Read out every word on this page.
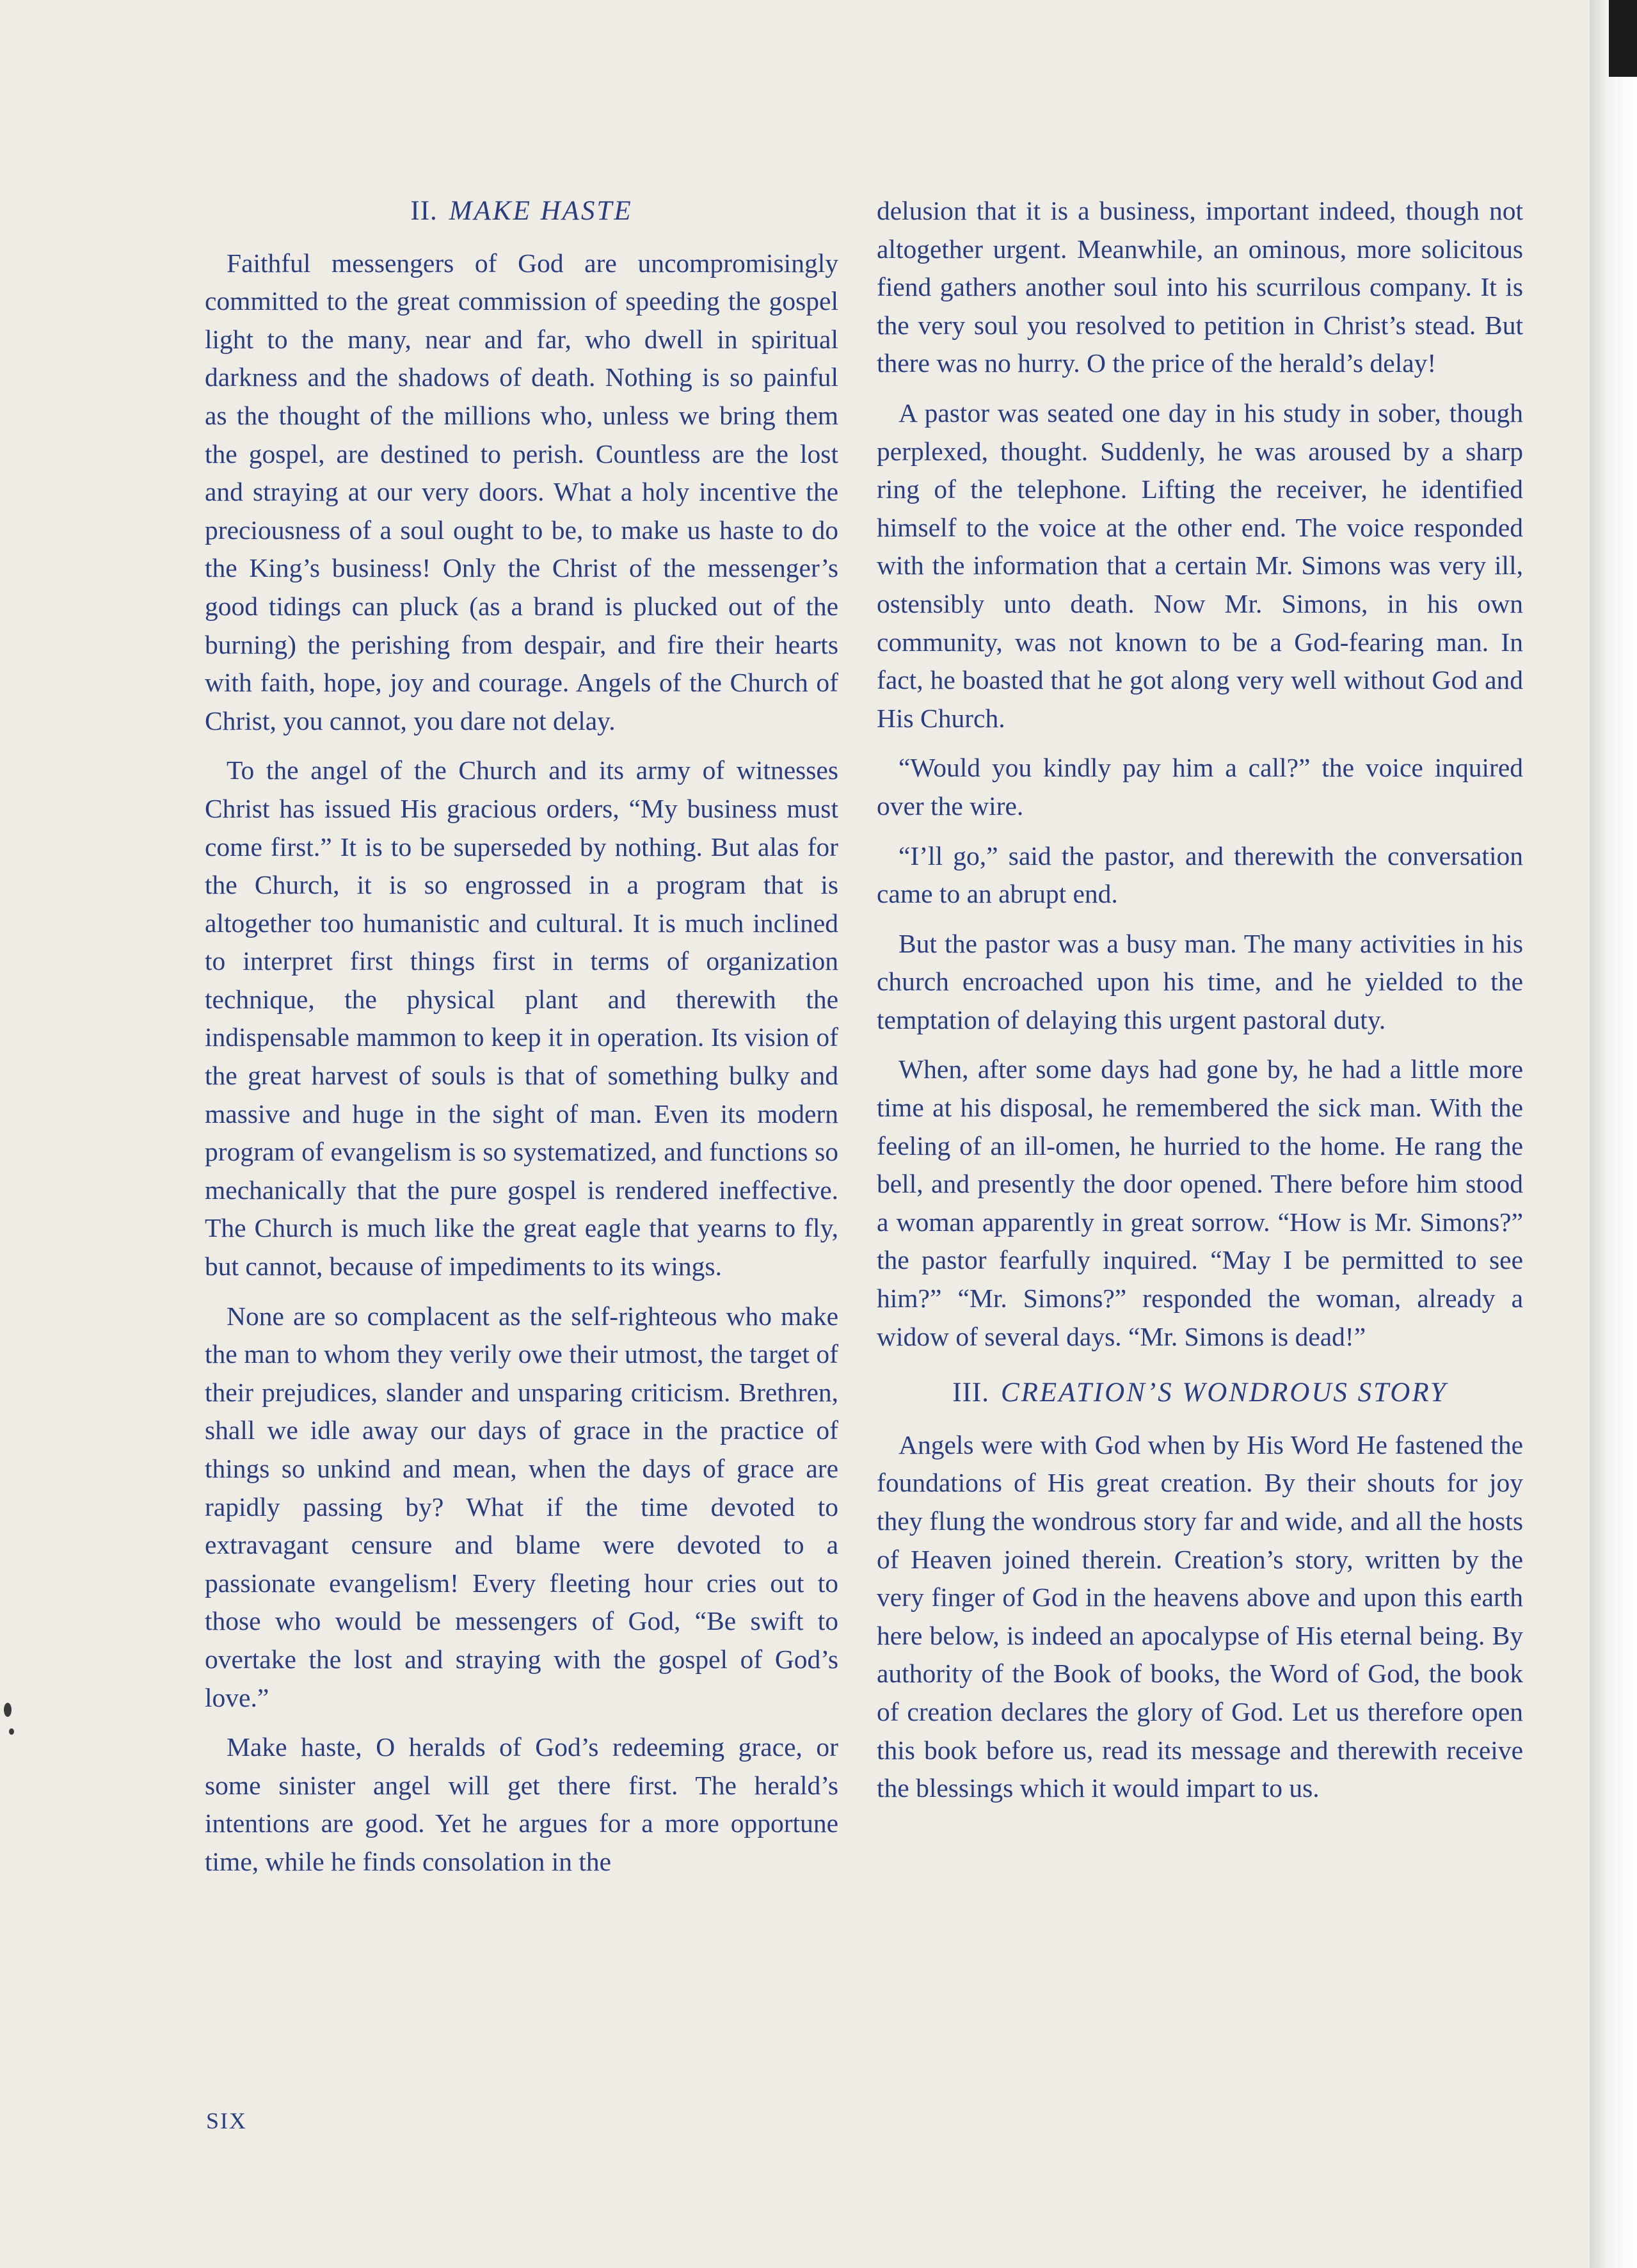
II. MAKE HASTE

Faithful messengers of God are uncompromisingly committed to the great commission of speeding the gospel light to the many, near and far, who dwell in spiritual darkness and the shadows of death. Nothing is so painful as the thought of the millions who, unless we bring them the gospel, are destined to perish. Countless are the lost and straying at our very doors. What a holy incentive the preciousness of a soul ought to be, to make us haste to do the King’s business! Only the Christ of the messenger’s good tidings can pluck (as a brand is plucked out of the burning) the perishing from despair, and fire their hearts with faith, hope, joy and courage. Angels of the Church of Christ, you cannot, you dare not delay.

To the angel of the Church and its army of witnesses Christ has issued His gracious orders, “My business must come first.” It is to be superseded by nothing. But alas for the Church, it is so engrossed in a program that is altogether too humanistic and cultural. It is much inclined to interpret first things first in terms of organization technique, the physical plant and therewith the indispensable mammon to keep it in operation. Its vision of the great harvest of souls is that of something bulky and massive and huge in the sight of man. Even its modern program of evangelism is so systematized, and functions so mechanically that the pure gospel is rendered ineffective. The Church is much like the great eagle that yearns to fly, but cannot, because of impediments to its wings.

None are so complacent as the self-righteous who make the man to whom they verily owe their utmost, the target of their prejudices, slander and unsparing criticism. Brethren, shall we idle away our days of grace in the practice of things so unkind and mean, when the days of grace are rapidly passing by? What if the time devoted to extravagant censure and blame were devoted to a passionate evangelism! Every fleeting hour cries out to those who would be messengers of God, “Be swift to overtake the lost and straying with the gospel of God’s love.”

Make haste, O heralds of God’s redeeming grace, or some sinister angel will get there first. The herald’s intentions are good. Yet he argues for a more opportune time, while he finds consolation in the

delusion that it is a business, important indeed, though not altogether urgent. Meanwhile, an ominous, more solicitous fiend gathers another soul into his scurrilous company. It is the very soul you resolved to petition in Christ’s stead. But there was no hurry. O the price of the herald’s delay!

A pastor was seated one day in his study in sober, though perplexed, thought. Suddenly, he was aroused by a sharp ring of the telephone. Lifting the receiver, he identified himself to the voice at the other end. The voice responded with the information that a certain Mr. Simons was very ill, ostensibly unto death. Now Mr. Simons, in his own community, was not known to be a God-fearing man. In fact, he boasted that he got along very well without God and His Church.

“Would you kindly pay him a call?” the voice inquired over the wire.

“I’ll go,” said the pastor, and therewith the conversation came to an abrupt end.

But the pastor was a busy man. The many activities in his church encroached upon his time, and he yielded to the temptation of delaying this urgent pastoral duty.

When, after some days had gone by, he had a little more time at his disposal, he remembered the sick man. With the feeling of an ill-omen, he hurried to the home. He rang the bell, and presently the door opened. There before him stood a woman apparently in great sorrow. “How is Mr. Simons?” the pastor fearfully inquired. “May I be permitted to see him?” “Mr. Simons?” responded the woman, already a widow of several days. “Mr. Simons is dead!”

III. CREATION’S WONDROUS STORY

Angels were with God when by His Word He fastened the foundations of His great creation. By their shouts for joy they flung the wondrous story far and wide, and all the hosts of Heaven joined therein. Creation’s story, written by the very finger of God in the heavens above and upon this earth here below, is indeed an apocalypse of His eternal being. By authority of the Book of books, the Word of God, the book of creation declares the glory of God. Let us therefore open this book before us, read its message and therewith receive the blessings which it would impart to us.

SIX
